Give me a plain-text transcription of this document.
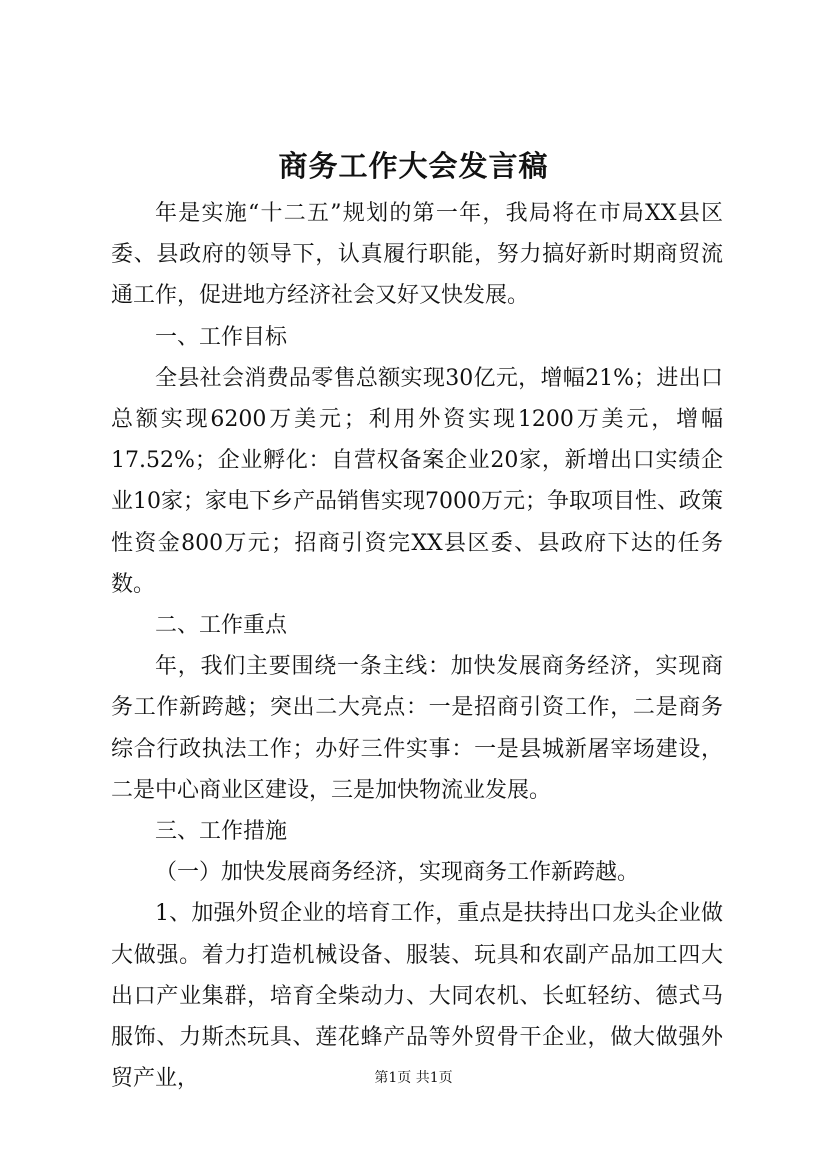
商务工作大会发言稿

年是实施“十二五”规划的第一年，我局将在市局XX县区委、县政府的领导下，认真履行职能，努力搞好新时期商贸流通工作，促进地方经济社会又好又快发展。

一、工作目标

全县社会消费品零售总额实现30亿元，增幅21%；进出口总额实现6200万美元；利用外资实现1200万美元，增幅17.52%；企业孵化：自营权备案企业20家，新增出口实绩企业10家；家电下乡产品销售实现7000万元；争取项目性、政策性资金800万元；招商引资完XX县区委、县政府下达的任务数。

二、工作重点

年，我们主要围绕一条主线：加快发展商务经济，实现商务工作新跨越；突出二大亮点：一是招商引资工作，二是商务综合行政执法工作；办好三件实事：一是县城新屠宰场建设，二是中心商业区建设，三是加快物流业发展。

三、工作措施

（一）加快发展商务经济，实现商务工作新跨越。

1、加强外贸企业的培育工作，重点是扶持出口龙头企业做大做强。着力打造机械设备、服装、玩具和农副产品加工四大出口产业集群，培育全柴动力、大同农机、长虹轻纺、德式马服饰、力斯杰玩具、莲花蜂产品等外贸骨干企业，做大做强外贸产业，	第1页 共1页
